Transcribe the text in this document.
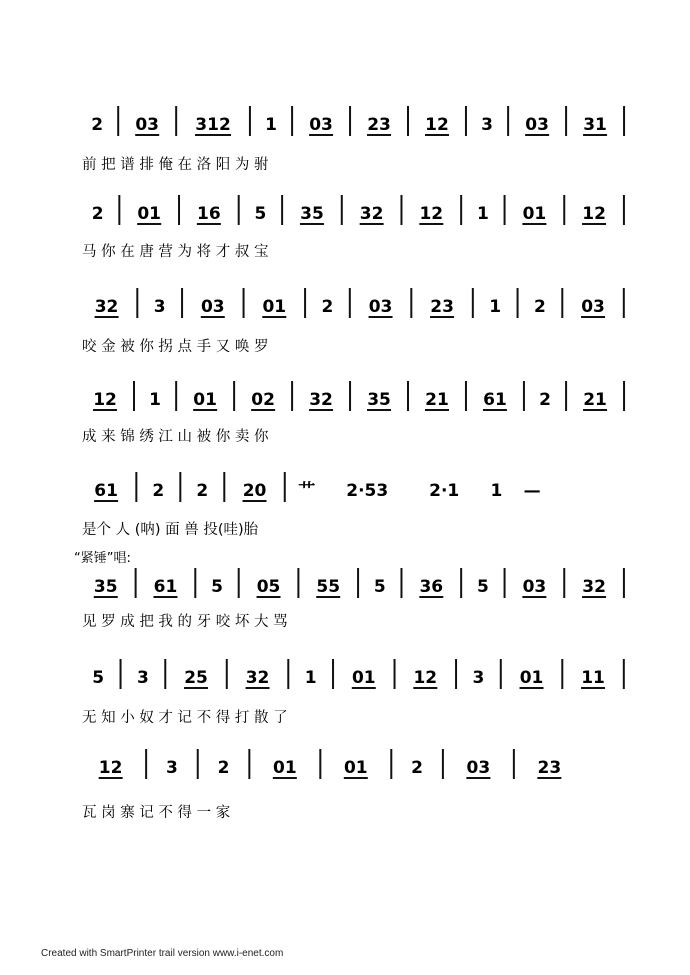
2 03 312 1 03 23 12 3 03 31
前 把 谱 排 俺 在 洛 阳 为 驸
2 01 16 5 35 32 12 1 01 12
马 你 在 唐 营 为 将 才 叔 宝
32 3 03 01 2 03 23 1 2 03
咬 金 被 你 拐 点 手 又 唤 罗
12 1 01 02 32 35 21 61 2 21
成 来 锦 绣 江 山 被 你 卖 你
61 2 2 20 艹 2·53 2·1 1 —
是个 人 (呐) 面 兽 投(哇)胎
“紧锤”唱:
35 61 5 05 55 5 36 5 03 32
见 罗 成 把 我 的 牙 咬 坏 大 骂
5 3 25 32 1 01 12 3 01 11
无 知 小 奴 才 记 不 得 打 散 了
12	3 2	01	01	2	03	23
瓦 岗 寨 记 不 得 一 家
Created with SmartPrinter trail version www.i-enet.com
